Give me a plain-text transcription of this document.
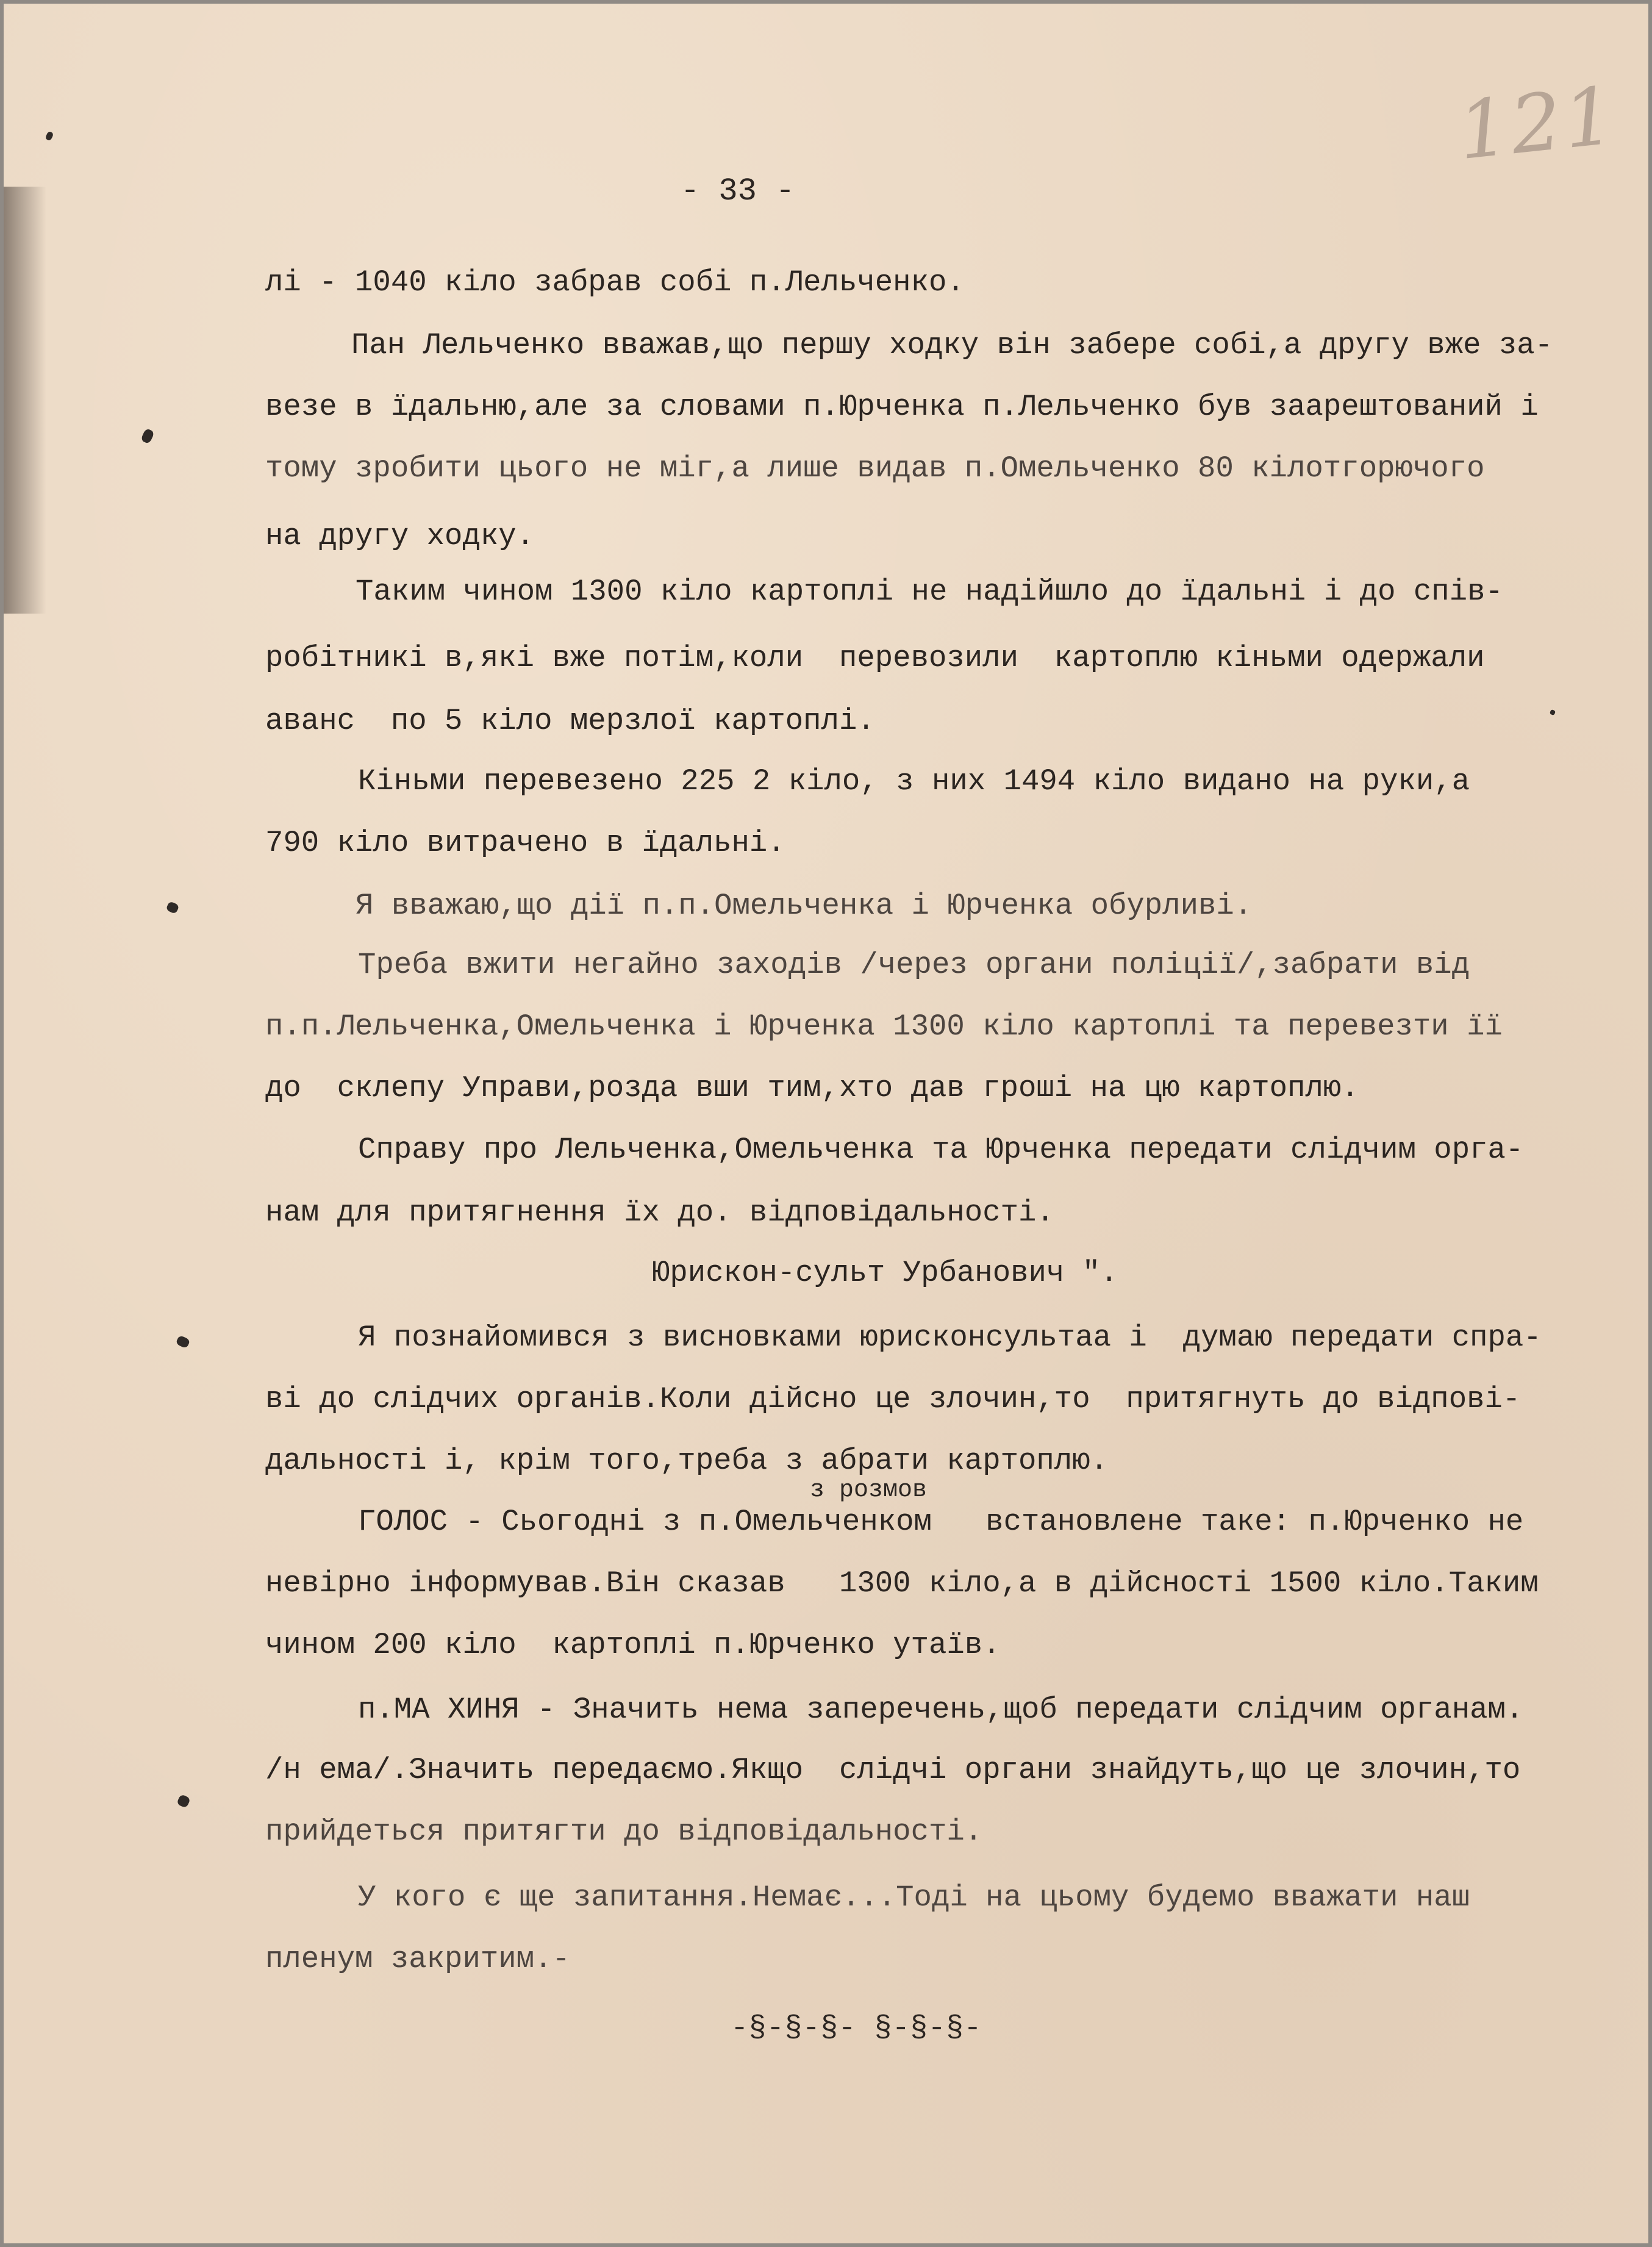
121
- 33 -
лі - 1040 кіло забрав собі п.Лельченко.
Пан Лельченко вважав,що першу ходку він забере собі,а другу вже за-
везе в їдальню,але за словами п.Юрченка п.Лельченко був заарештований і
тому зробити цього не міг,а лише видав п.Омельченко 80 кілотгорючого
на другу ходку.
Таким чином 1300 кіло картоплі не надійшло до їдальні і до спів-
робітникі в,які вже потім,коли  перевозили  картоплю кіньми одержали
аванс  по 5 кіло мерзлої картоплі.
Кіньми перевезено 225 2 кіло, з них 1494 кіло видано на руки,а
790 кіло витрачено в їдальні.
Я вважаю,що дії п.п.Омельченка і Юрченка обурливі.
Треба вжити негайно заходів /через органи поліції/,забрати від
п.п.Лельченка,Омельченка і Юрченка 1300 кіло картоплі та перевезти її
до  склепу Управи,розда вши тим,хто дав гроші на цю картоплю.
Справу про Лельченка,Омельченка та Юрченка передати слідчим орга-
нам для притягнення їх до. відповідальності.
Юрискон-сульт Урбанович ".
Я познайомився з висновками юрисконсультаа і  думаю передати спра-
ві до слідчих органів.Коли дійсно це злочин,то  притягнуть до відпові-
дальності і, крім того,треба з абрати картоплю.
з розмов
ГОЛОС - Сьогодні з п.Омельченком   встановлене таке: п.Юрченко не
невірно інформував.Він сказав   1300 кіло,а в дійсності 1500 кіло.Таким
чином 200 кіло  картоплі п.Юрченко утаїв.
п.МА ХИНЯ - Значить нема заперечень,щоб передати слідчим органам.
/н ема/.Значить передаємо.Якщо  слідчі органи знайдуть,що це злочин,то
прийдеться притягти до відповідальності.
У кого є ще запитання.Немає...Тоді на цьому будемо вважати наш
пленум закритим.-
-§-§-§- §-§-§-
